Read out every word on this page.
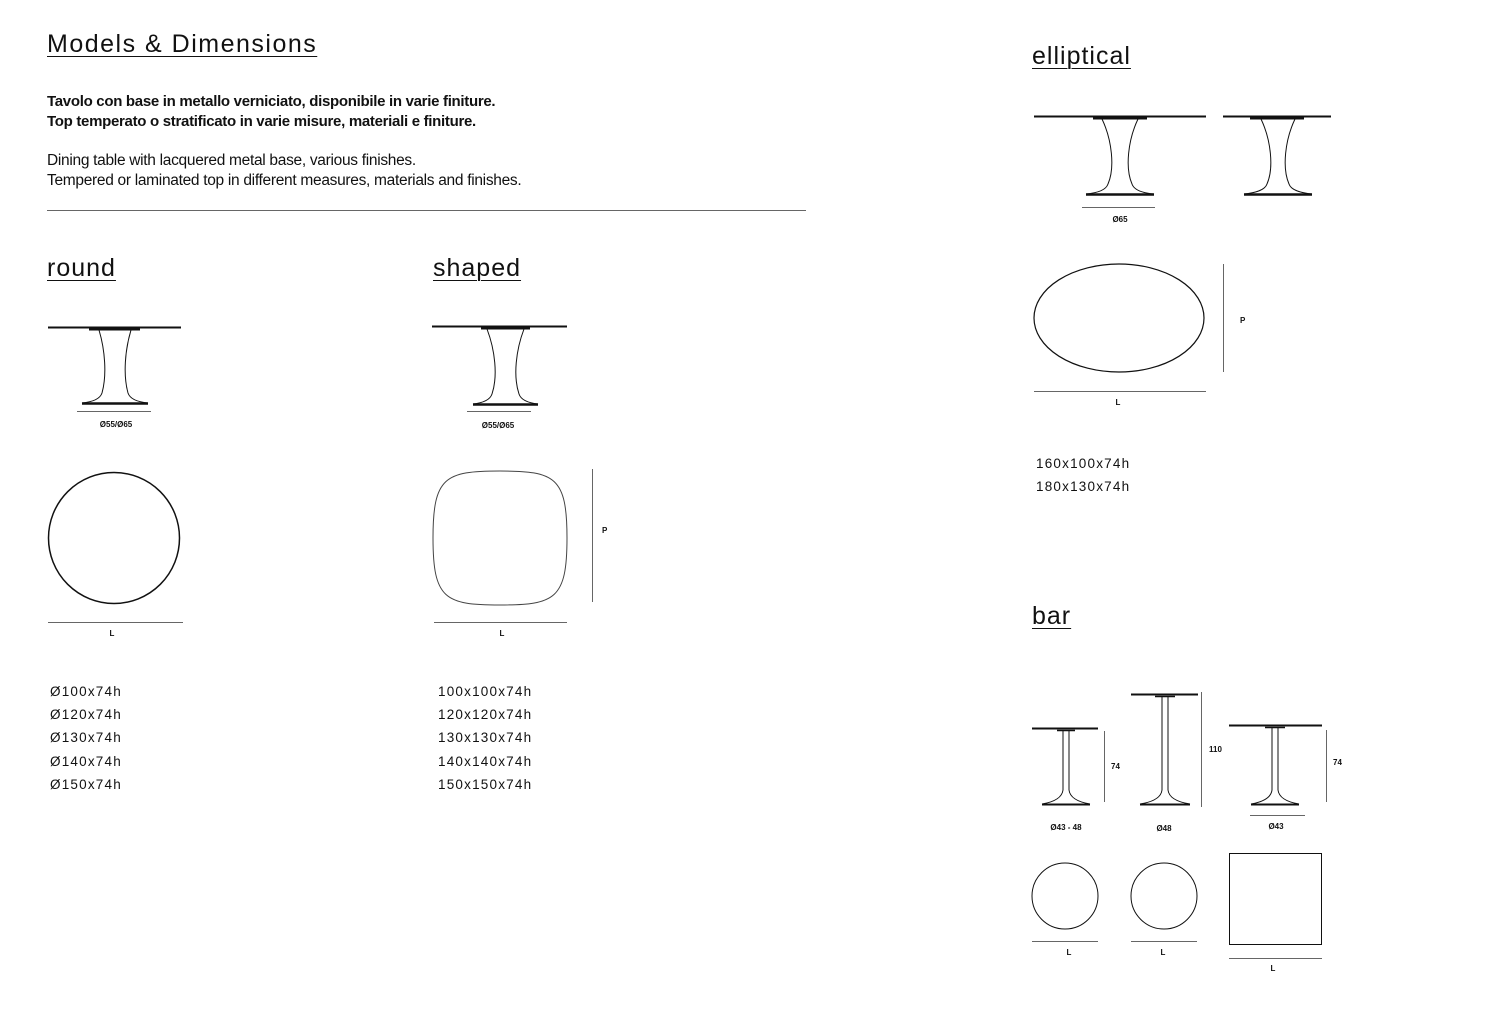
Models & Dimensions
Tavolo con base in metallo verniciato, disponibile in varie finiture.
Top temperato o stratificato in varie misure, materiali e finiture.
Dining table with lacquered metal base, various finishes.
Tempered or laminated top in different measures, materials and finishes.
round
Ø55/Ø65
L
Ø100x74h
Ø120x74h
Ø130x74h
Ø140x74h
Ø150x74h
shaped
Ø55/Ø65
L
P
100x100x74h
120x120x74h
130x130x74h
140x140x74h
150x150x74h
elliptical
Ø65
L
P
160x100x74h
180x130x74h
bar
74
110
74
Ø43 - 48	Ø48	Ø43
L	L
L
